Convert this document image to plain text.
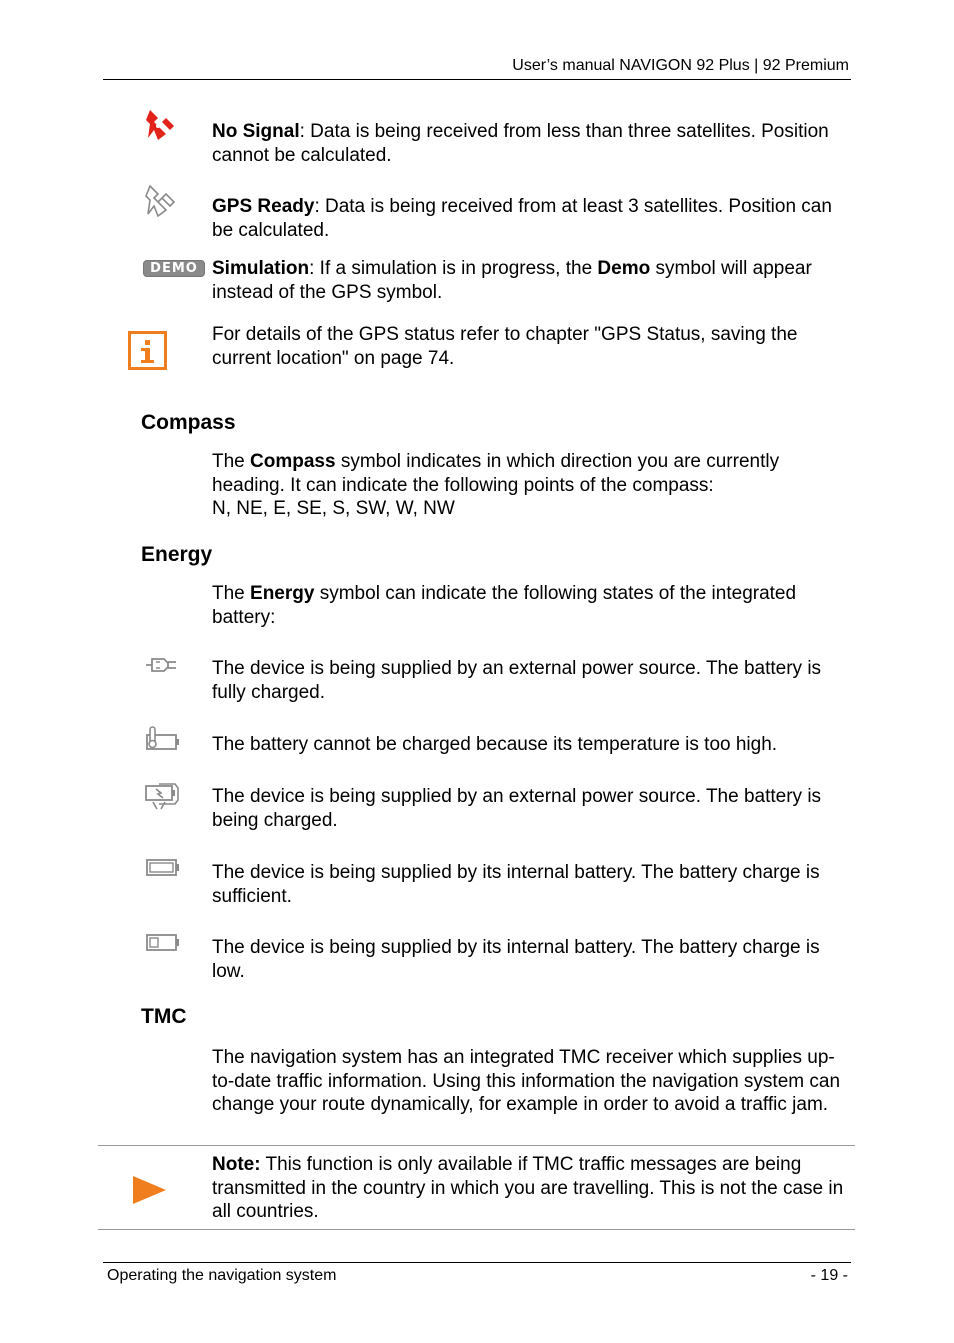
User’s manual NAVIGON 92 Plus | 92 Premium
No Signal: Data is being received from less than three satellites. Position cannot be calculated.
GPS Ready: Data is being received from at least 3 satellites. Position can be calculated.
DEMO Simulation: If a simulation is in progress, the Demo symbol will appear instead of the GPS symbol.
For details of the GPS status refer to chapter "GPS Status, saving the current location" on page 74.
Compass
The Compass symbol indicates in which direction you are currently heading. It can indicate the following points of the compass:
N, NE, E, SE, S, SW, W, NW
Energy
The Energy symbol can indicate the following states of the integrated battery:
The device is being supplied by an external power source. The battery is fully charged.
The battery cannot be charged because its temperature is too high.
The device is being supplied by an external power source. The battery is being charged.
The device is being supplied by its internal battery. The battery charge is sufficient.
The device is being supplied by its internal battery. The battery charge is low.
TMC
The navigation system has an integrated TMC receiver which supplies up-to-date traffic information. Using this information the navigation system can change your route dynamically, for example in order to avoid a traffic jam.
Note: This function is only available if TMC traffic messages are being transmitted in the country in which you are travelling. This is not the case in all countries.
Operating the navigation system	- 19 -
